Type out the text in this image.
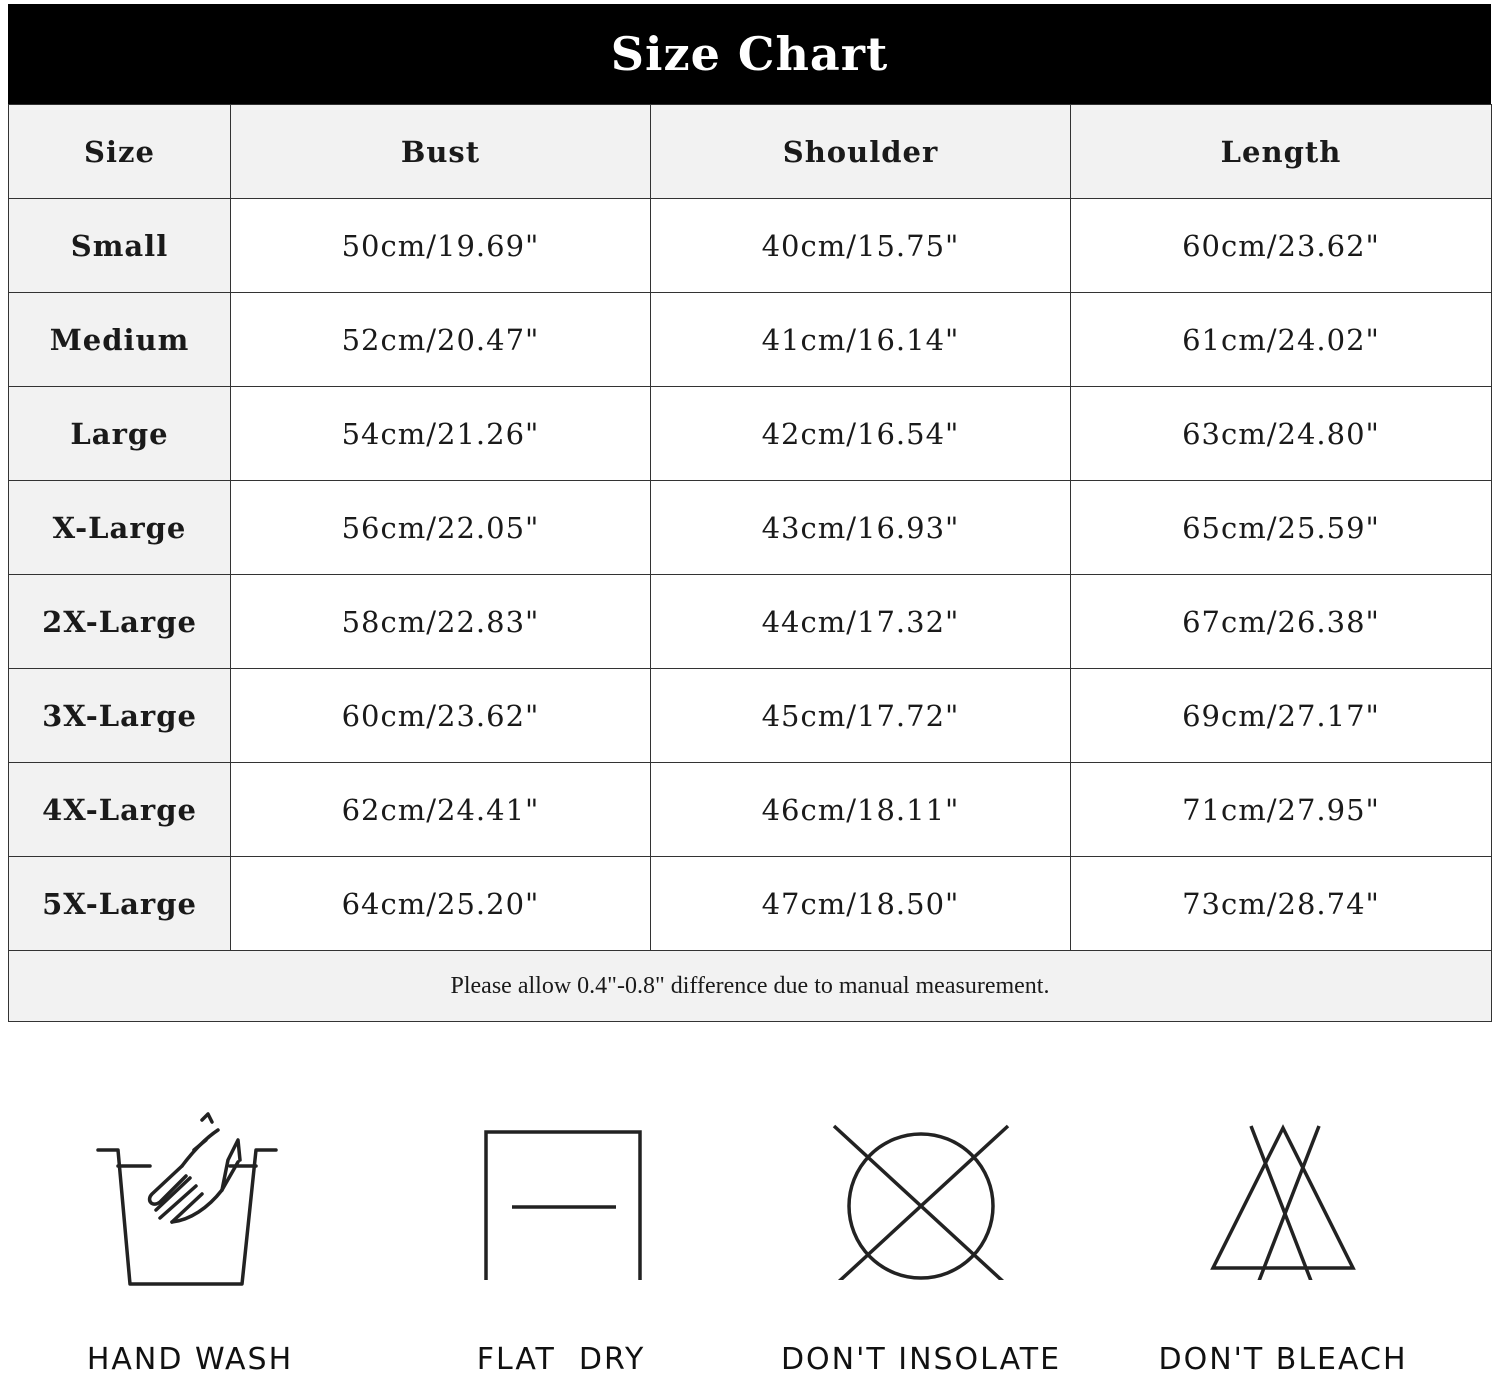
Size Chart
Size	Bust	Shoulder	Length
Small	50cm/19.69"	40cm/15.75"	60cm/23.62"
Medium	52cm/20.47"	41cm/16.14"	61cm/24.02"
Large	54cm/21.26"	42cm/16.54"	63cm/24.80"
X-Large	56cm/22.05"	43cm/16.93"	65cm/25.59"
2X-Large	58cm/22.83"	44cm/17.32"	67cm/26.38"
3X-Large	60cm/23.62"	45cm/17.72"	69cm/27.17"
4X-Large	62cm/24.41"	46cm/18.11"	71cm/27.95"
5X-Large	64cm/25.20"	47cm/18.50"	73cm/28.74"
Please allow 0.4"-0.8" difference due to manual measurement.			
HAND WASH	FLAT  DRY	DON'T INSOLATE	DON'T BLEACH
